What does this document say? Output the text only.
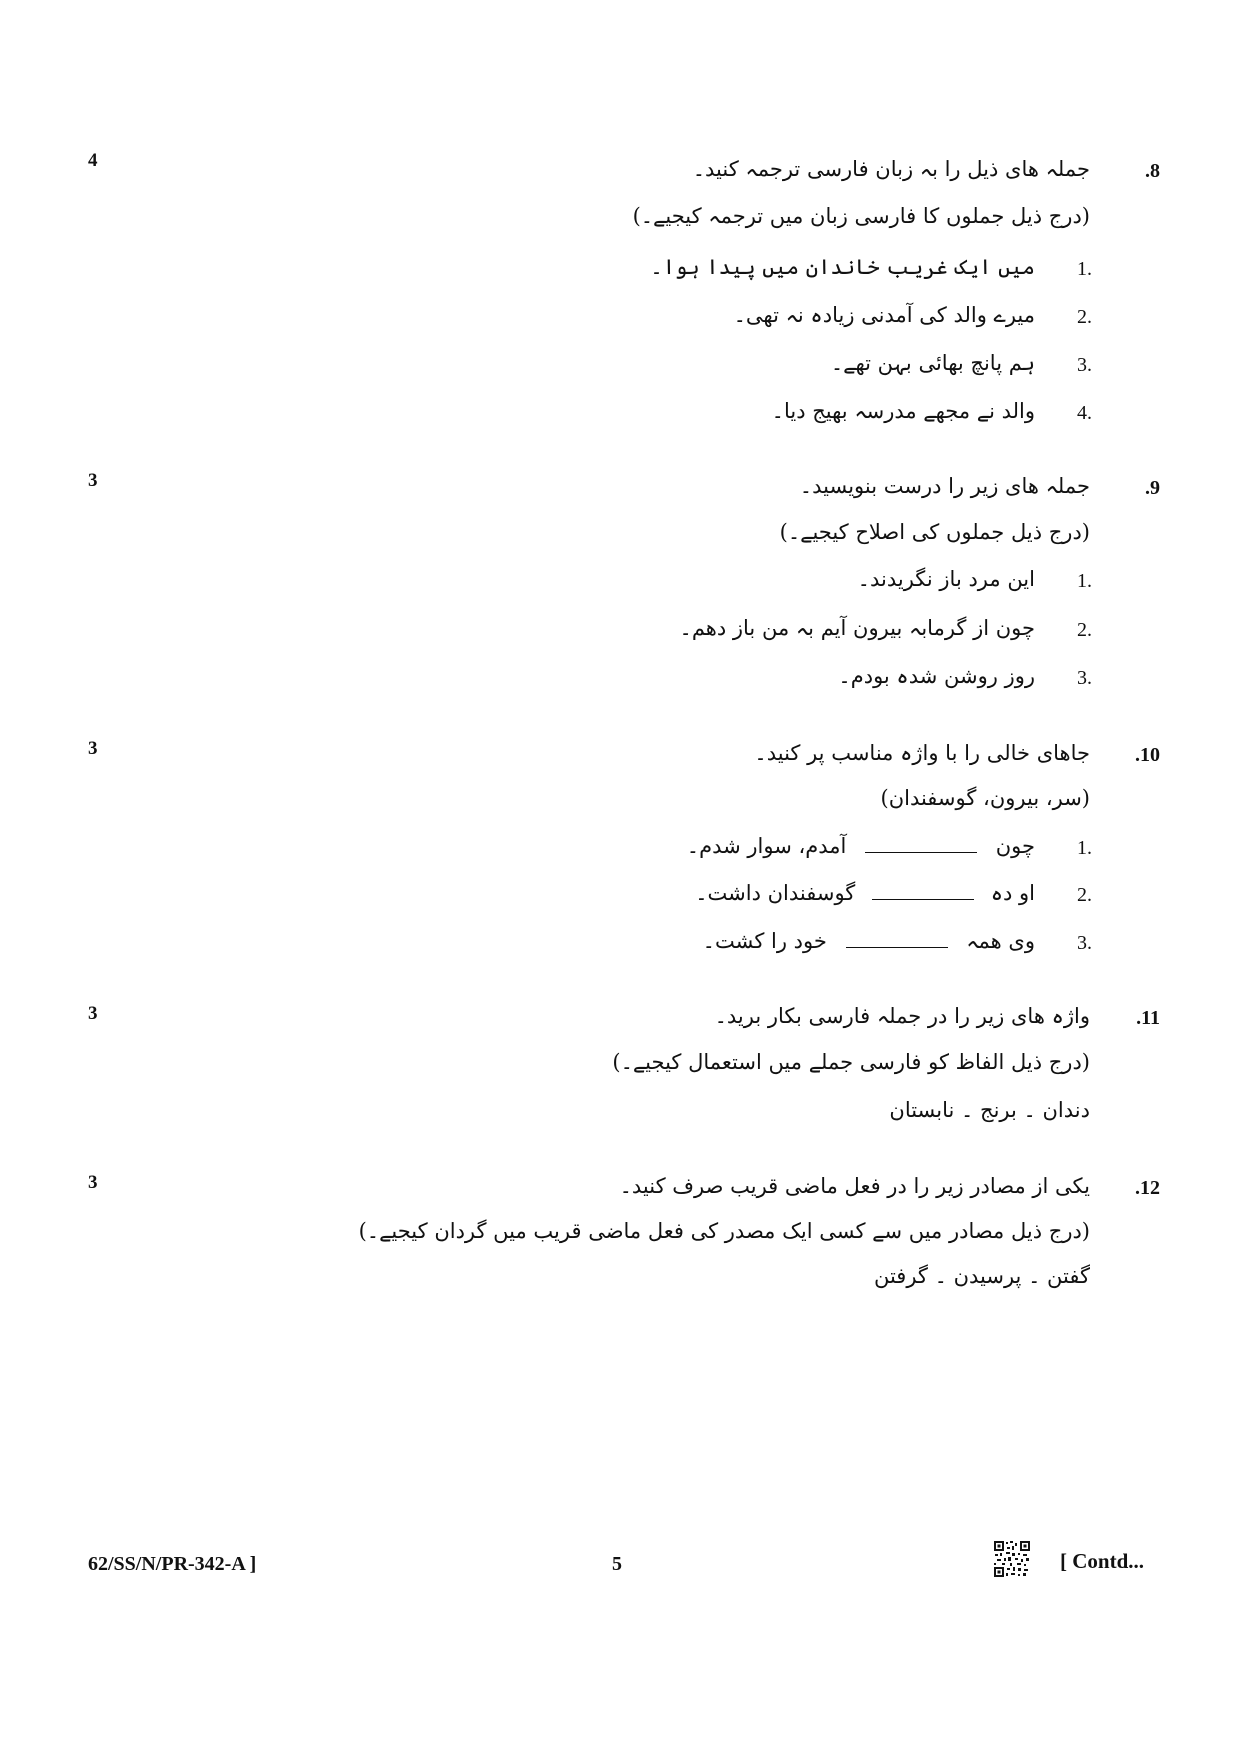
4	.8
جملہ ھای ذیل را بہ زبان فارسی ترجمہ کنید۔
(درج ذیل جملوں کا فارسی زبان میں ترجمہ کیجیے۔)
1.
میں ایک غریب خاندان میں پیدا ہوا۔
2.
میرے والد کی آمدنی زیادہ نہ تھی۔
3.
ہم پانچ بھائی بہن تھے۔
4.
والد نے مجھے مدرسہ بھیج دیا۔
3	.9
جملہ ھای زیر را درست بنویسید۔
(درج ذیل جملوں کی اصلاح کیجیے۔)
1.
این مرد باز نگریدند۔
2.
چون از گرمابہ بیرون آیم بہ من باز دھم۔
3.
روز روشن شدہ بودم۔
3	.10
جاھای خالی را با واژہ مناسب پر کنید۔
(سر، بیرون، گوسفندان)
1.
چون  آمدم، سوار شدم۔
2.
او دہ  گوسفندان داشت۔
3.
وی ھمہ  خود را کشت۔
3	.11
واژہ ھای زیر را در جملہ فارسی بکار برید۔
(درج ذیل الفاظ کو فارسی جملے میں استعمال کیجیے۔)
دندان ۔ برنج ۔ نابستان
3	.12
یکی از مصادر زیر را در فعل ماضی قریب صرف کنید۔
(درج ذیل مصادر میں سے کسی ایک مصدر کی فعل ماضی قریب میں گردان کیجیے۔)
گفتن ۔ پرسیدن ۔ گرفتن
62/SS/N/PR-342-A ]	5	[ Contd...
